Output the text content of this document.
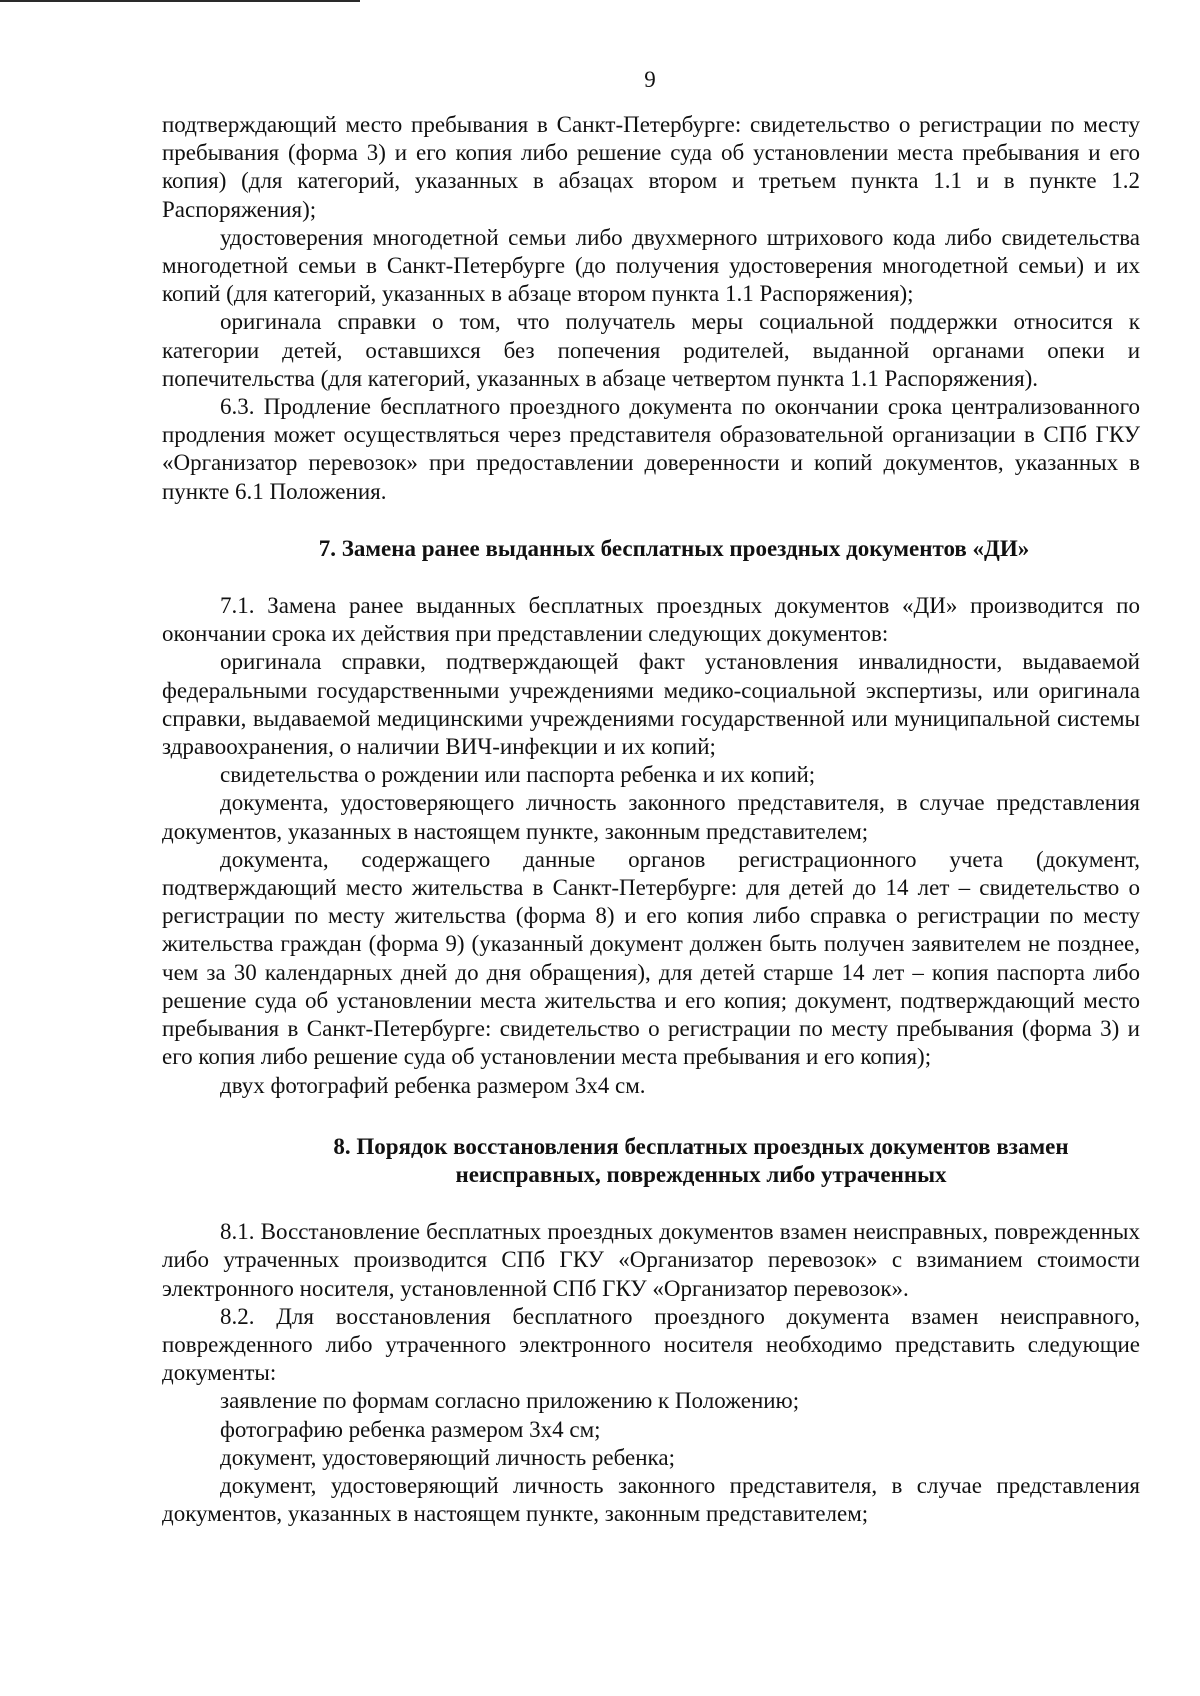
9

подтверждающий место пребывания в Санкт-Петербурге: свидетельство о регистрации по месту пребывания (форма 3) и его копия либо решение суда об установлении места пребывания и его копия) (для категорий, указанных в абзацах втором и третьем пункта 1.1 и в пункте 1.2 Распоряжения);

удостоверения многодетной семьи либо двухмерного штрихового кода либо свидетельства многодетной семьи в Санкт-Петербурге (до получения удостоверения многодетной семьи) и их копий (для категорий, указанных в абзаце втором пункта 1.1 Распоряжения);

оригинала справки о том, что получатель меры социальной поддержки относится к категории детей, оставшихся без попечения родителей, выданной органами опеки и попечительства (для категорий, указанных в абзаце четвертом пункта 1.1 Распоряжения).

6.3. Продление бесплатного проездного документа по окончании срока централизованного продления может осуществляться через представителя образовательной организации в СПб ГКУ «Организатор перевозок» при предоставлении доверенности и копий документов, указанных в пункте 6.1 Положения.

7. Замена ранее выданных бесплатных проездных документов «ДИ»

7.1. Замена ранее выданных бесплатных проездных документов «ДИ» производится по окончании срока их действия при представлении следующих документов:

оригинала справки, подтверждающей факт установления инвалидности, выдаваемой федеральными государственными учреждениями медико-социальной экспертизы, или оригинала справки, выдаваемой медицинскими учреждениями государственной или муниципальной системы здравоохранения, о наличии ВИЧ-инфекции и их копий;

свидетельства о рождении или паспорта ребенка и их копий;

документа, удостоверяющего личность законного представителя, в случае представления документов, указанных в настоящем пункте, законным представителем;

документа, содержащего данные органов регистрационного учета (документ, подтверждающий место жительства в Санкт-Петербурге: для детей до 14 лет – свидетельство о регистрации по месту жительства (форма 8) и его копия либо справка о регистрации по месту жительства граждан (форма 9) (указанный документ должен быть получен заявителем не позднее, чем за 30 календарных дней до дня обращения), для детей старше 14 лет – копия паспорта либо решение суда об установлении места жительства и его копия; документ, подтверждающий место пребывания в Санкт-Петербурге: свидетельство о регистрации по месту пребывания (форма 3) и его копия либо решение суда об установлении места пребывания и его копия);

двух фотографий ребенка размером 3х4 см.

8. Порядок восстановления бесплатных проездных документов взамен неисправных, поврежденных либо утраченных

8.1. Восстановление бесплатных проездных документов взамен неисправных, поврежденных либо утраченных производится СПб ГКУ «Организатор перевозок» с взиманием стоимости электронного носителя, установленной СПб ГКУ «Организатор перевозок».

8.2. Для восстановления бесплатного проездного документа взамен неисправного, поврежденного либо утраченного электронного носителя необходимо представить следующие документы:

заявление по формам согласно приложению к Положению;

фотографию ребенка размером 3х4 см;

документ, удостоверяющий личность ребенка;

документ, удостоверяющий личность законного представителя, в случае представления документов, указанных в настоящем пункте, законным представителем;
